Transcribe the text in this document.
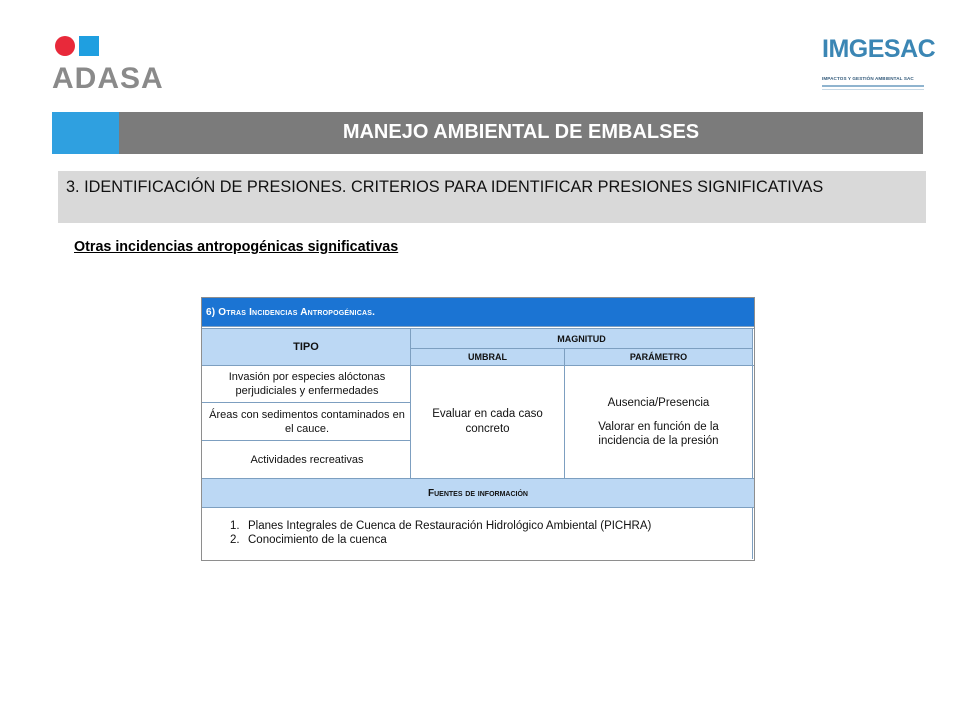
ADASA
IMGESAC
IMPACTOS Y GESTIÓN AMBIENTAL SAC
MANEJO AMBIENTAL DE EMBALSES
3. IDENTIFICACIÓN DE PRESIONES. CRITERIOS PARA IDENTIFICAR PRESIONES SIGNIFICATIVAS
Otras incidencias antropogénicas significativas
6) Otras Incidencias Antropogénicas.
TIPO
MAGNITUD
UMBRAL	PARÁMETRO
Invasión por especies alóctonas perjudiciales y enfermedades
Áreas con sedimentos contaminados en el cauce.
Actividades recreativas
Evaluar en cada caso concreto
Ausencia/Presencia
Valorar en función de la incidencia de la presión
Fuentes de información
1. Planes Integrales de Cuenca de Restauración Hidrológico Ambiental (PICHRA)
2. Conocimiento de la cuenca
